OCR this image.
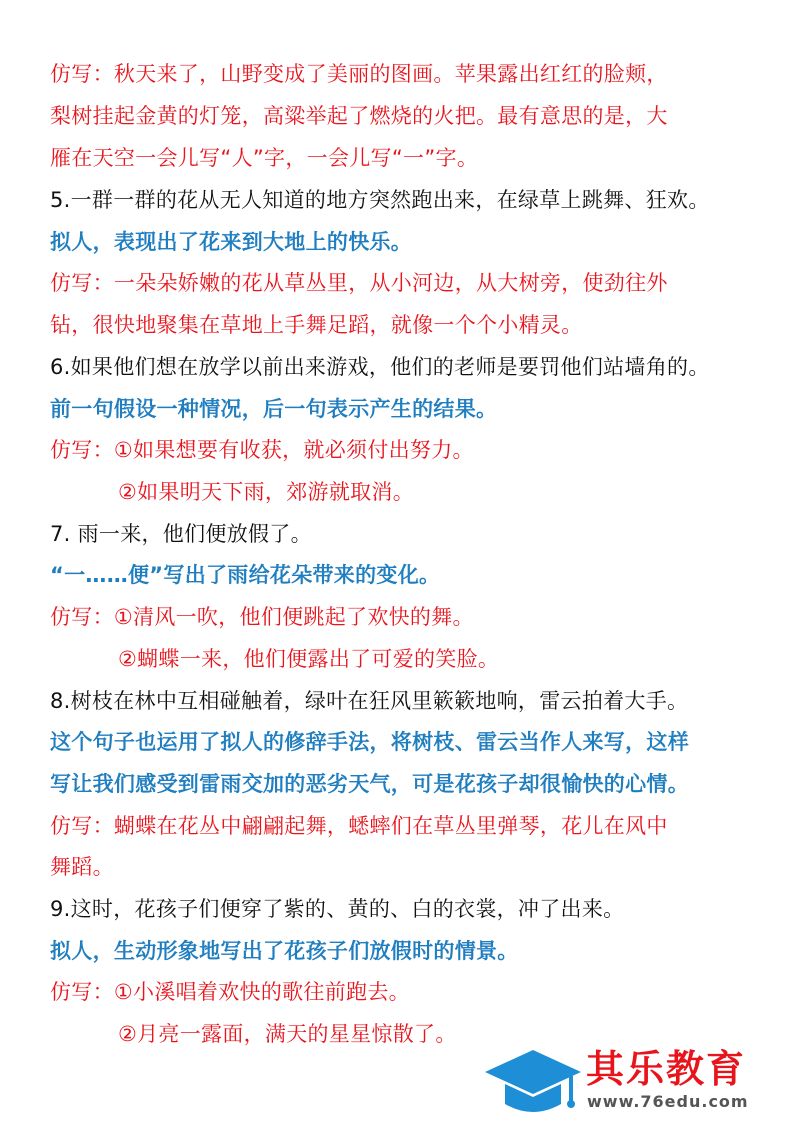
仿写：秋天来了，山野变成了美丽的图画。苹果露出红红的脸颊，
梨树挂起金黄的灯笼，高粱举起了燃烧的火把。最有意思的是，大
雁在天空一会儿写“人”字，一会儿写“一”字。
5.一群一群的花从无人知道的地方突然跑出来，在绿草上跳舞、狂欢。
拟人，表现出了花来到大地上的快乐。
仿写：一朵朵娇嫩的花从草丛里，从小河边，从大树旁，使劲往外
钻，很快地聚集在草地上手舞足蹈，就像一个个小精灵。
6.如果他们想在放学以前出来游戏，他们的老师是要罚他们站墙角的。
前一句假设一种情况，后一句表示产生的结果。
仿写：①如果想要有收获，就必须付出努力。
②如果明天下雨，郊游就取消。
7. 雨一来，他们便放假了。
“一……便”写出了雨给花朵带来的变化。
仿写：①清风一吹，他们便跳起了欢快的舞。
②蝴蝶一来，他们便露出了可爱的笑脸。
8.树枝在林中互相碰触着，绿叶在狂风里簌簌地响，雷云拍着大手。
这个句子也运用了拟人的修辞手法，将树枝、雷云当作人来写，这样
写让我们感受到雷雨交加的恶劣天气，可是花孩子却很愉快的心情。
仿写：蝴蝶在花丛中翩翩起舞，蟋蟀们在草丛里弹琴，花儿在风中
舞蹈。
9.这时，花孩子们便穿了紫的、黄的、白的衣裳，冲了出来。
拟人，生动形象地写出了花孩子们放假时的情景。
仿写：①小溪唱着欢快的歌往前跑去。
②月亮一露面，满天的星星惊散了。
其乐教育
www.76edu.com
